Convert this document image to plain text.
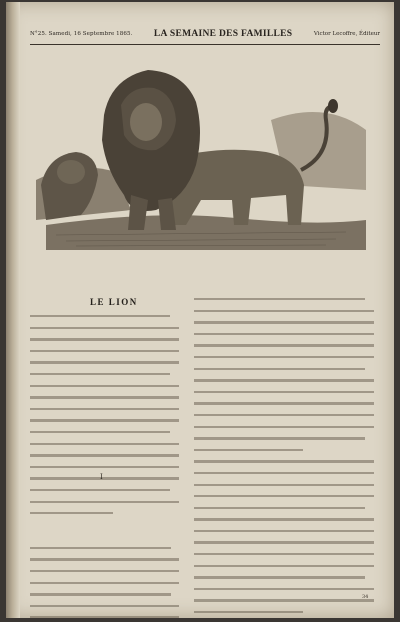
N°25. Samedi, 16 Septembre 1865. LA SEMAINE DES FAMILLES	Victor Lecoffre, Éditeur
LE LION
I
34
